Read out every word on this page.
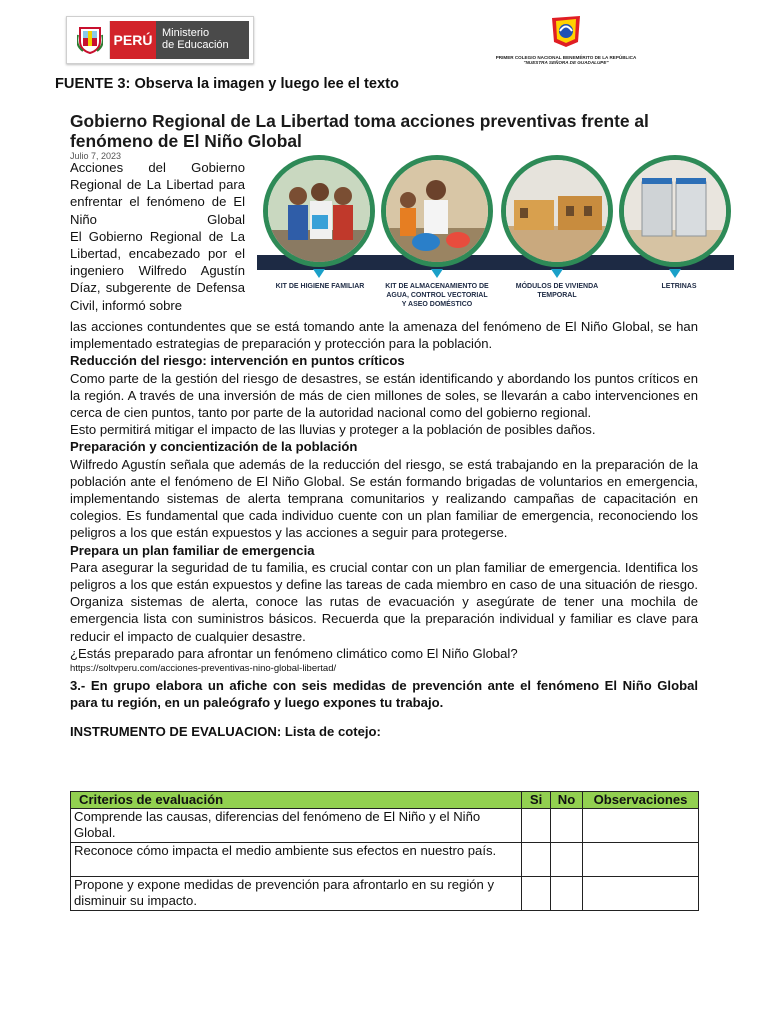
PERÚ Ministerio
de Educación
PRIMER COLEGIO NACIONAL BENEMÉRITO DE LA REPÚBLICA
"NUESTRA SEÑORA DE GUADALUPE"
FUENTE 3: Observa la imagen y luego lee el texto
Gobierno Regional de La Libertad toma acciones preventivas frente al fenómeno de El Niño Global
Julio 7, 2023

Acciones del Gobierno Regional de La Libertad para enfrentar el fenómeno de El Niño Global

El Gobierno Regional de La Libertad, encabezado por el ingeniero Wilfredo Agustín Díaz, subgerente de Defensa Civil, informó sobre

KIT DE HIGIENE FAMILIAR	KIT DE ALMACENAMIENTO DE AGUA, CONTROL VECTORIAL Y ASEO DOMÉSTICO
MÓDULOS DE VIVIENDA TEMPORAL
LETRINAS

las acciones contundentes que se está tomando ante la amenaza del fenómeno de El Niño Global, se han implementado estrategias de preparación y protección para la población.

Reducción del riesgo: intervención en puntos críticos

Como parte de la gestión del riesgo de desastres, se están identificando y abordando los puntos críticos en la región. A través de una inversión de más de cien millones de soles, se llevarán a cabo intervenciones en cerca de cien puntos, tanto por parte de la autoridad nacional como del gobierno regional.

Esto permitirá mitigar el impacto de las lluvias y proteger a la población de posibles daños.

Preparación y concientización de la población

Wilfredo Agustín señala que además de la reducción del riesgo, se está trabajando en la preparación de la población ante el fenómeno de El Niño Global. Se están formando brigadas de voluntarios en emergencia, implementando sistemas de alerta temprana comunitarios y realizando campañas de capacitación en colegios. Es fundamental que cada individuo cuente con un plan familiar de emergencia, reconociendo los peligros a los que están expuestos y las acciones a seguir para protegerse.

Prepara un plan familiar de emergencia

Para asegurar la seguridad de tu familia, es crucial contar con un plan familiar de emergencia. Identifica los peligros a los que están expuestos y define las tareas de cada miembro en caso de una situación de riesgo. Organiza sistemas de alerta, conoce las rutas de evacuación y asegúrate de tener una mochila de emergencia lista con suministros básicos. Recuerda que la preparación individual y familiar es clave para reducir el impacto de cualquier desastre.

¿Estás preparado para afrontar un fenómeno climático como El Niño Global?

https://soltvperu.com/acciones-preventivas-nino-global-libertad/

3.- En grupo elabora un afiche con seis medidas de prevención ante el fenómeno El Niño Global para tu región, en un paleógrafo y luego expones tu trabajo.

INSTRUMENTO DE EVALUACION: Lista de cotejo:

Criterios de evaluación	Si	No	Observaciones
Comprende las causas, diferencias del fenómeno de El Niño y el Niño Global.			
Reconoce cómo impacta el medio ambiente sus efectos en nuestro país.			
Propone y expone medidas de prevención para afrontarlo en su región y disminuir su impacto.			
